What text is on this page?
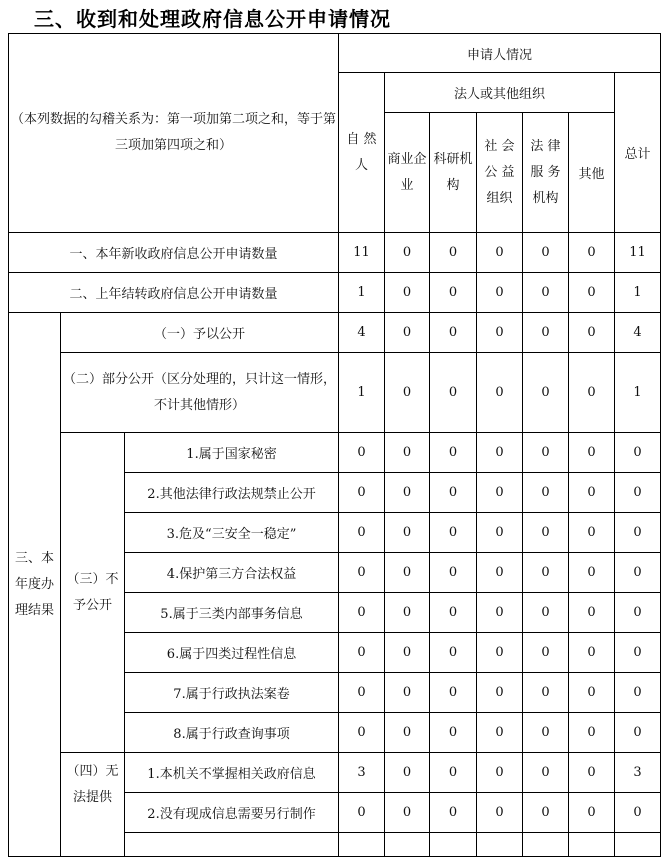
三、收到和处理政府信息公开申请情况
（本列数据的勾稽关系为：第一项加第二项之和，等于第三项加第四项之和）			申请人情况						
			自 然 人	法人或其他组织					总计
				商业企业	科研机构	社 会 公 益 组织	法 律 服 务 机构	其他	

一、本年新收政府信息公开申请数量			11	0	0	0	0	0	11
二、上年结转政府信息公开申请数量			1	0	0	0	0	0	1
三、本年度办理结果	（一）予以公开		4	0	0	0	0	0	4
	（二）部分公开（区分处理的，只计这一情形，不计其他情形）		1	0	0	0	0	0	1
	（三）不予公开	1.属于国家秘密	0	0	0	0	0	0	0
		2.其他法律行政法规禁止公开	0	0	0	0	0	0	0
		3.危及“三安全一稳定”	0	0	0	0	0	0	0
		4.保护第三方合法权益	0	0	0	0	0	0	0
		5.属于三类内部事务信息	0	0	0	0	0	0	0
		6.属于四类过程性信息	0	0	0	0	0	0	0
		7.属于行政执法案卷	0	0	0	0	0	0	0
		8.属于行政查询事项	0	0	0	0	0	0	0
	（四）无法提供	1.本机关不掌握相关政府信息	3	0	0	0	0	0	3
		2.没有现成信息需要另行制作	0	0	0	0	0	0	0
